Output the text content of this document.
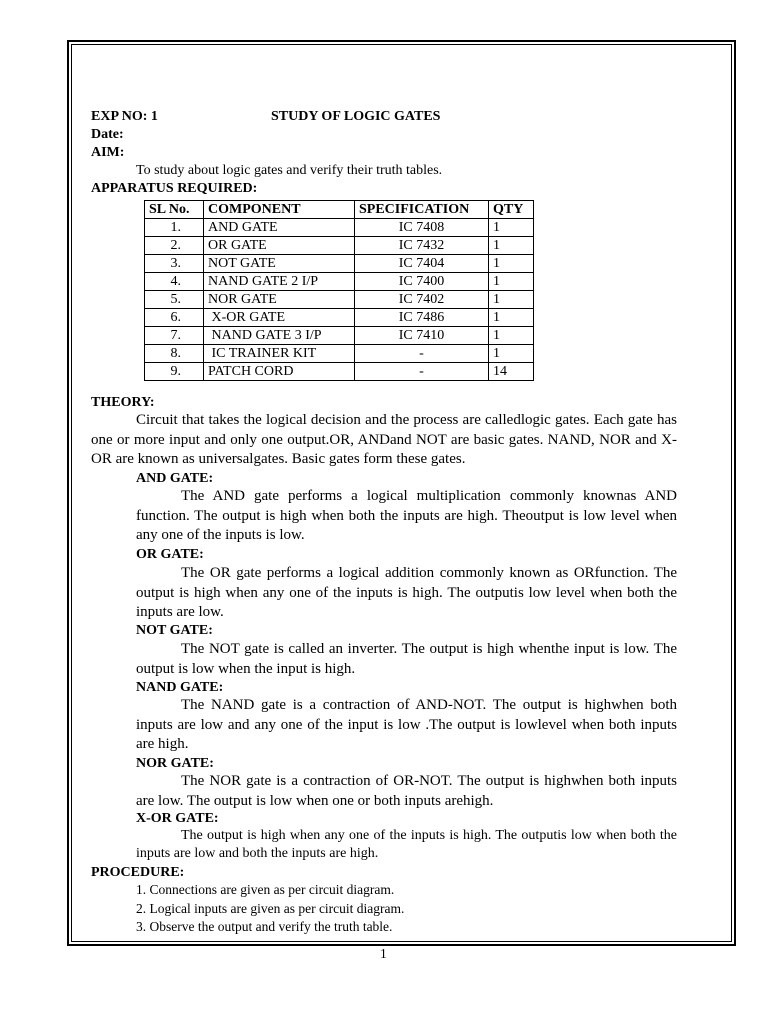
EXP NO: 1	STUDY OF LOGIC GATES
Date:
AIM:
To study about logic gates and verify their truth tables.
APPARATUS REQUIRED:
SL No.	COMPONENT	SPECIFICATION	QTY
1.	AND GATE	IC 7408	1
2.	OR GATE	IC 7432	1
3.	NOT GATE	IC 7404	1
4.	NAND GATE 2 I/P	IC 7400	1
5.	NOR GATE	IC 7402	1
6.	X-OR GATE	IC 7486	1
7.	NAND GATE 3 I/P	IC 7410	1
8.	IC TRAINER KIT	-	1
9.	PATCH CORD	-	14
THEORY:
Circuit that takes the logical decision and the process are calledlogic gates. Each gate has one or more input and only one output.OR, ANDand NOT are basic gates. NAND, NOR and X-OR are known as universalgates. Basic gates form these gates.
AND GATE:
The AND gate performs a logical multiplication commonly knownas AND function. The output is high when both the inputs are high. Theoutput is low level when any one of the inputs is low.
OR GATE:
The OR gate performs a logical addition commonly known as ORfunction. The output is high when any one of the inputs is high. The outputis low level when both the inputs are low.
NOT GATE:
The NOT gate is called an inverter. The output is high whenthe input is low. The output is low when the input is high.
NAND GATE:
The NAND gate is a contraction of AND-NOT. The output is highwhen both inputs are low and any one of the input is low .The output is lowlevel when both inputs are high.
NOR GATE:
The NOR gate is a contraction of OR-NOT. The output is highwhen both inputs are low. The output is low when one or both inputs arehigh.
X-OR GATE:
The output is high when any one of the inputs is high. The outputis low when both the inputs are low and both the inputs are high.
PROCEDURE:
1. Connections are given as per circuit diagram.
2. Logical inputs are given as per circuit diagram.
3. Observe the output and verify the truth table.
1
